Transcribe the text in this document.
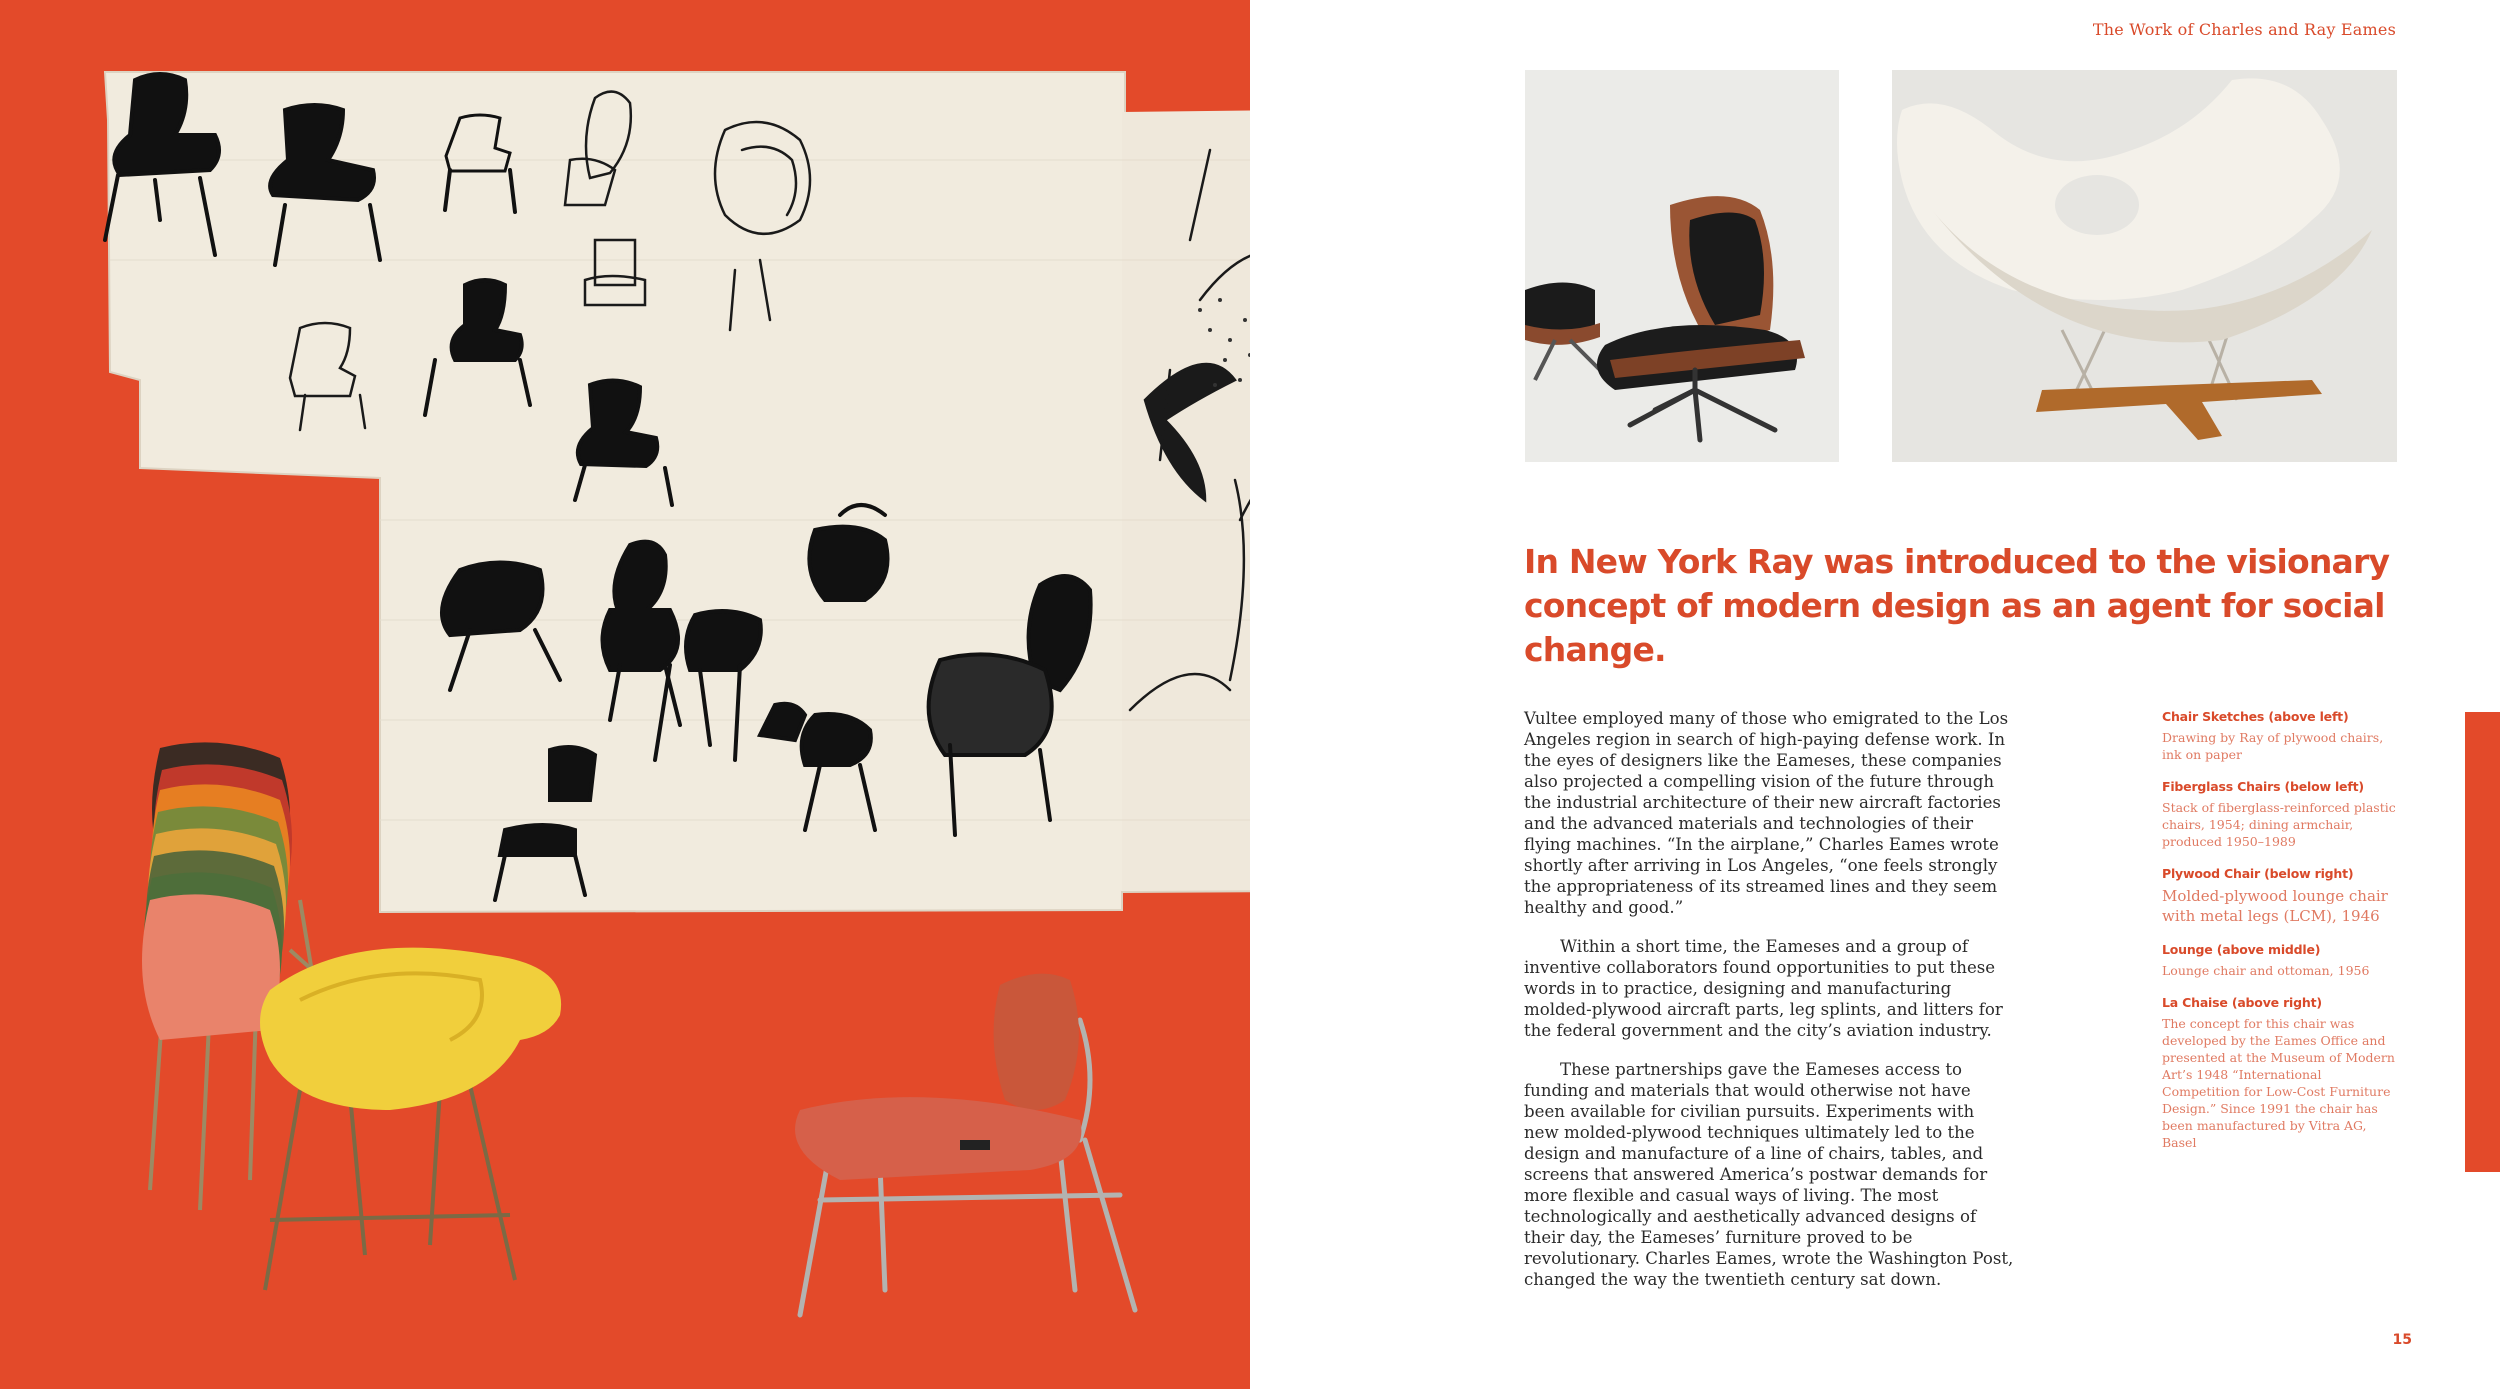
The Work of Charles and Ray Eames
In New York Ray was introduced to the visionary concept of modern design as an agent for social change.

Vultee employed many of those who emigrated to the Los Angeles region in search of high-paying defense work. In the eyes of designers like the Eameses, these companies also projected a compelling vision of the future through the industrial architecture of their new aircraft factories and the advanced materials and technologies of their flying machines. “In the airplane,” Charles Eames wrote shortly after arriving in Los Angeles, “one feels strongly the appropriateness of its streamed lines and they seem healthy and good.”

Within a short time, the Eameses and a group of inventive collaborators found opportunities to put these words in to practice, designing and manufacturing molded-plywood aircraft parts, leg splints, and litters for the federal government and the city’s aviation industry.

These partnerships gave the Eameses access to funding and materials that would otherwise not have been available for civilian pursuits. Experiments with new molded-plywood techniques ultimately led to the design and manufacture of a line of chairs, tables, and screens that answered America’s postwar demands for more flexible and casual ways of living. The most technologically and aesthetically advanced designs of their day, the Eameses’ furniture proved to be revolutionary. Charles Eames, wrote the Washington Post, changed the way the twentieth century sat down.

Chair Sketches (above left)

Drawing by Ray of plywood chairs, ink on paper

Fiberglass Chairs (below left)

Stack of fiberglass-reinforced plastic chairs, 1954; dining armchair, produced 1950–1989

Plywood Chair (below right)

Molded-plywood lounge chair with metal legs (LCM), 1946

Lounge (above middle)

Lounge chair and ottoman, 1956

La Chaise (above right)

The concept for this chair was developed by the Eames Office and presented at the Museum of Modern Art’s 1948 “International Competition for Low-Cost Furniture Design.” Since 1991 the chair has been manufactured by Vitra AG, Basel

15
